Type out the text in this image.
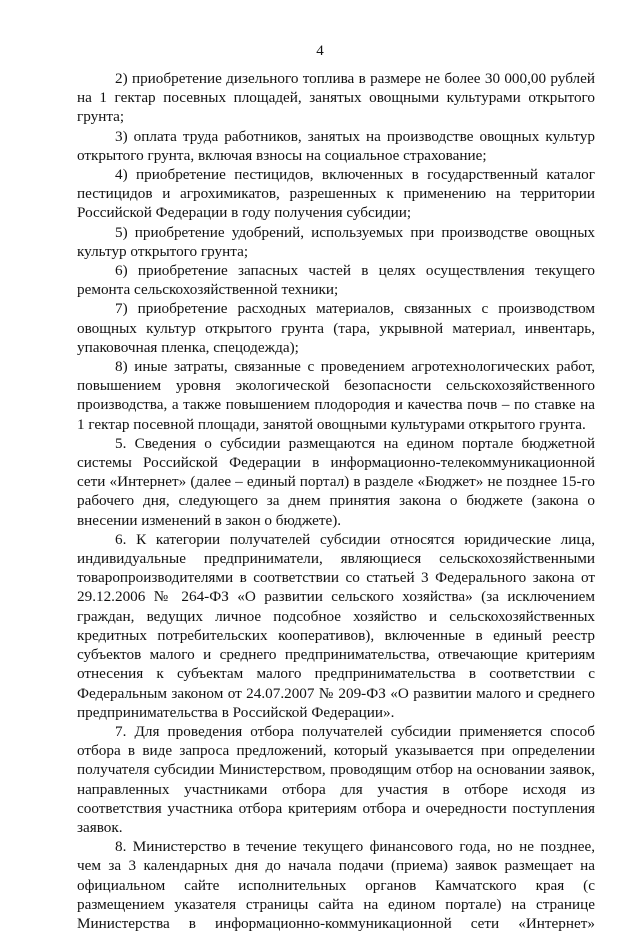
4

2) приобретение дизельного топлива в размере не более 30 000,00 рублей на 1 гектар посевных площадей, занятых овощными культурами открытого грунта;

3) оплата труда работников, занятых на производстве овощных культур открытого грунта, включая взносы на социальное страхование;

4) приобретение пестицидов, включенных в государственный каталог пестицидов и агрохимикатов, разрешенных к применению на территории Российской Федерации в году получения субсидии;

5) приобретение удобрений, используемых при производстве овощных культур открытого грунта;

6) приобретение запасных частей в целях осуществления текущего ремонта сельскохозяйственной техники;

7) приобретение расходных материалов, связанных с производством овощных культур открытого грунта (тара, укрывной материал, инвентарь, упаковочная пленка, спецодежда);

8) иные затраты, связанные с проведением агротехнологических работ, повышением уровня экологической безопасности сельскохозяйственного производства, а также повышением плодородия и качества почв – по ставке на 1 гектар посевной площади, занятой овощными культурами открытого грунта.

5. Сведения о субсидии размещаются на едином портале бюджетной системы Российской Федерации в информационно-телекоммуникационной сети «Интернет» (далее – единый портал) в разделе «Бюджет» не позднее 15-го рабочего дня, следующего за днем принятия закона о бюджете (закона о внесении изменений в закон о бюджете).

6. К категории получателей субсидии относятся юридические лица, индивидуальные предприниматели, являющиеся сельскохозяйственными товаропроизводителями в соответствии со статьей 3 Федерального закона от 29.12.2006 № 264-ФЗ «О развитии сельского хозяйства» (за исключением граждан, ведущих личное подсобное хозяйство и сельскохозяйственных кредитных потребительских кооперативов), включенные в единый реестр субъектов малого и среднего предпринимательства, отвечающие критериям отнесения к субъектам малого предпринимательства в соответствии с Федеральным законом от 24.07.2007 № 209-ФЗ «О развитии малого и среднего предпринимательства в Российской Федерации».

7. Для проведения отбора получателей субсидии применяется способ отбора в виде запроса предложений, который указывается при определении получателя субсидии Министерством, проводящим отбор на основании заявок, направленных участниками отбора для участия в отборе исходя из соответствия участника отбора критериям отбора и очередности поступления заявок.

8. Министерство в течение текущего финансового года, но не позднее, чем за 3 календарных дня до начала подачи (приема) заявок размещает на официальном сайте исполнительных органов Камчатского края (с размещением указателя страницы сайта на едином портале) на странице Министерства в информационно-коммуникационной сети «Интернет»
